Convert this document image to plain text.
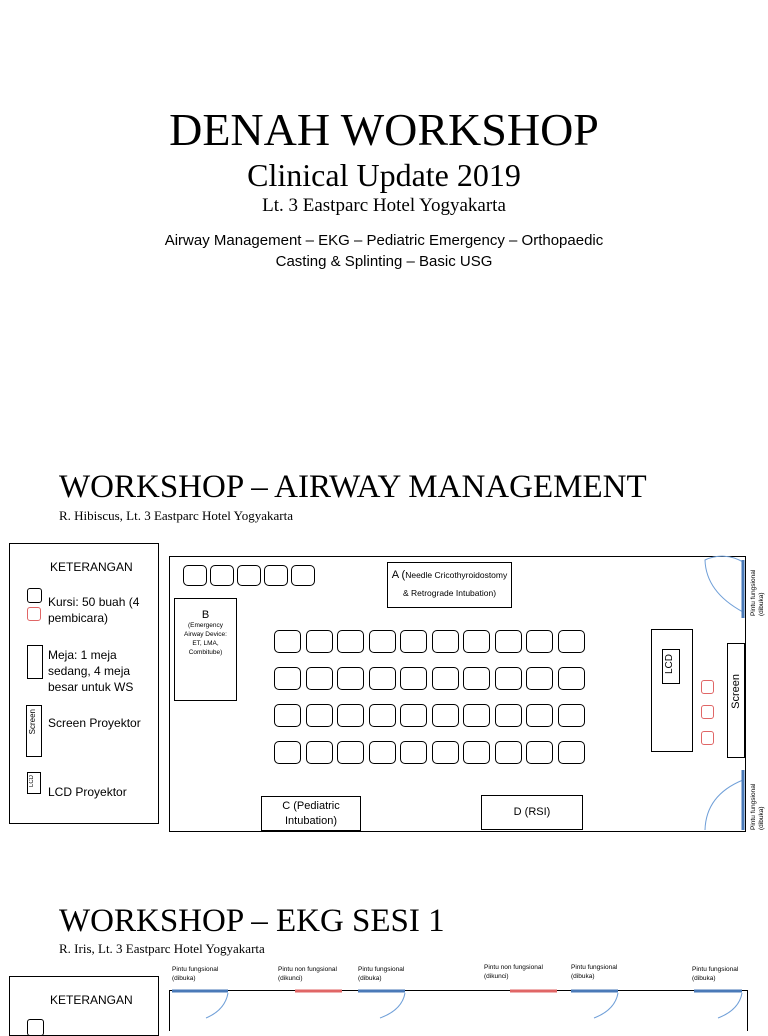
DENAH WORKSHOP
Clinical Update 2019
Lt. 3 Eastparc Hotel Yogyakarta
Airway Management – EKG – Pediatric Emergency – Orthopaedic
Casting & Splinting – Basic USG
WORKSHOP – AIRWAY MANAGEMENT
R. Hibiscus, Lt. 3 Eastparc Hotel Yogyakarta
KETERANGAN
Kursi: 50 buah (4 pembicara)
Meja: 1 meja sedang, 4 meja besar untuk WS
Screen Screen Proyektor
LCD
LCD Proyektor
A (Needle Cricothyroidostomy & Retrograde Intubation)
B
(Emergency Airway Device: ET, LMA, Combitube)
LCD
Screen
C (Pediatric Intubation)
D (RSI)
Pintu fungsional (dibuka)
Pintu fungsional (dibuka)
WORKSHOP – EKG SESI 1
R. Iris, Lt. 3 Eastparc Hotel Yogyakarta
KETERANGAN
Pintu fungsional (dibuka)
Pintu non fungsional (dikunci)
Pintu fungsional (dibuka)
Pintu non fungsional (dikunci)
Pintu fungsional (dibuka)
Pintu fungsional (dibuka)
